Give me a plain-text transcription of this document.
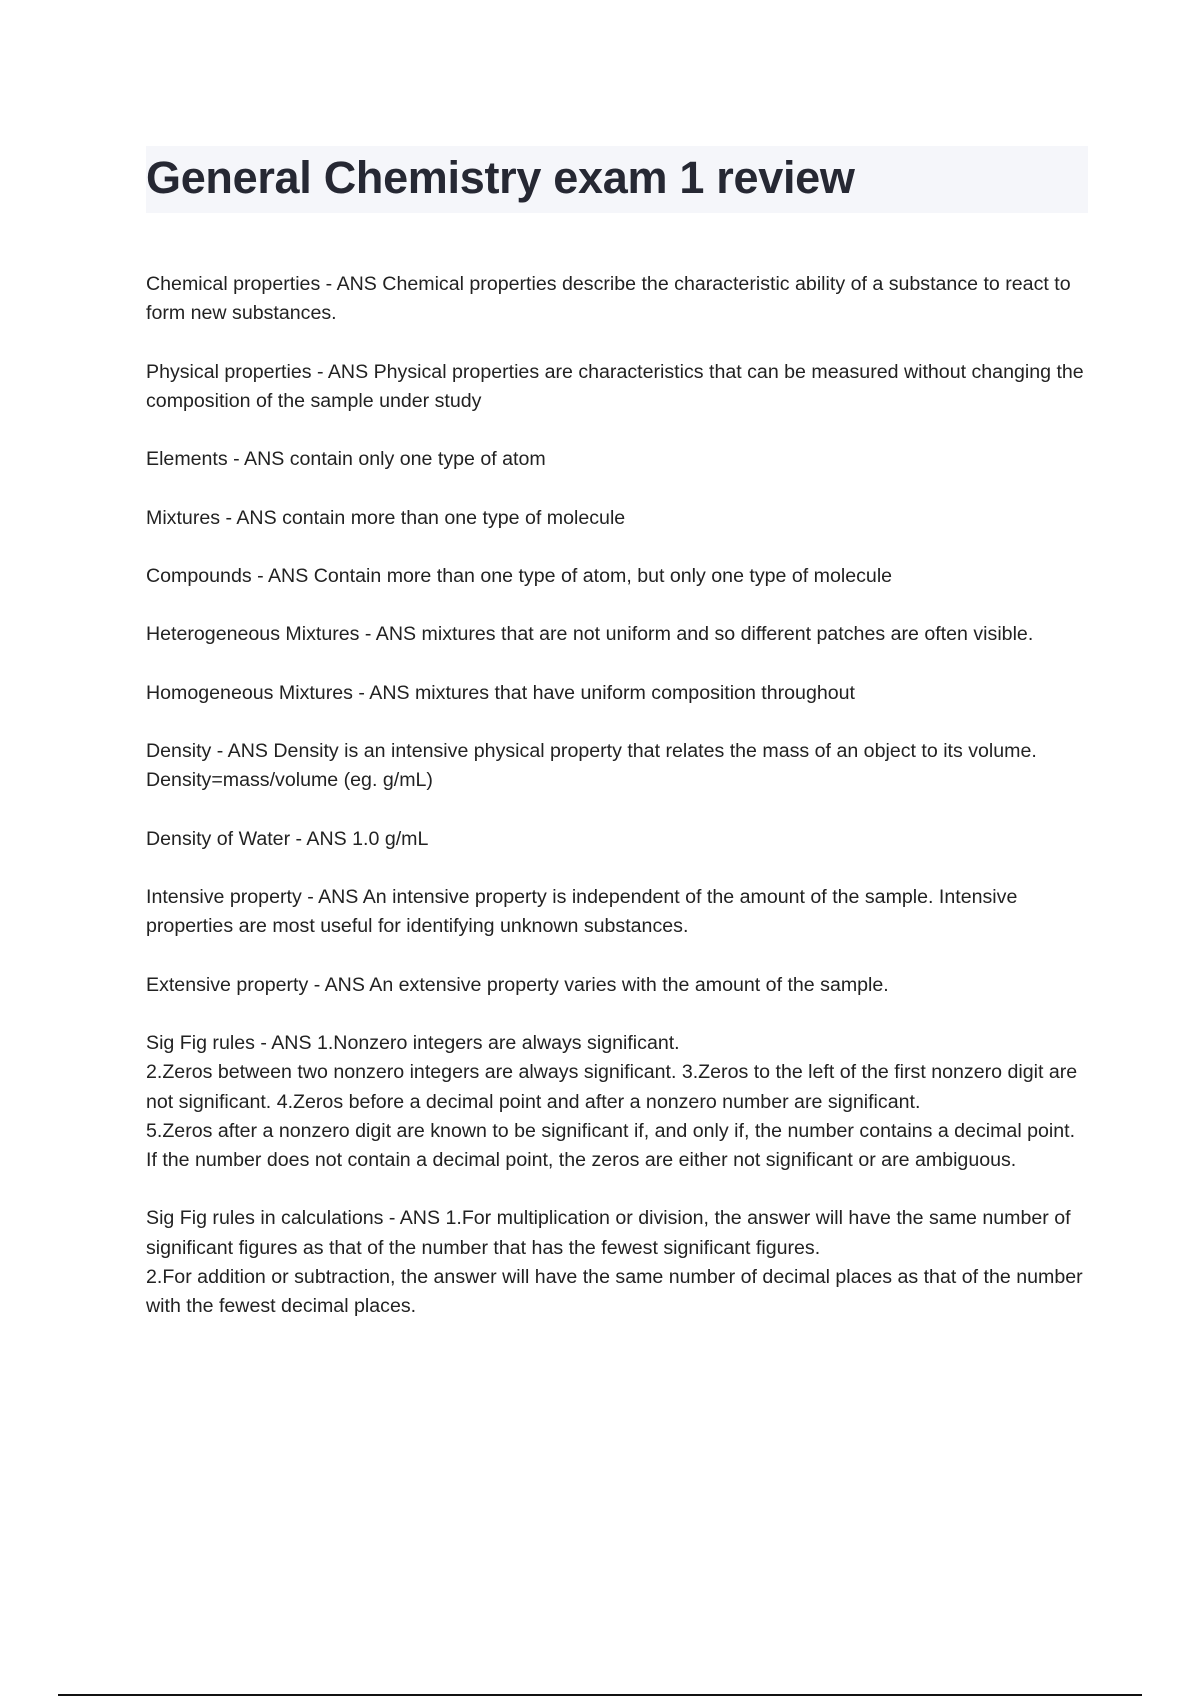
General Chemistry exam 1 review

Chemical properties - ANS Chemical properties describe the characteristic ability of a substance to react to form new substances.

Physical properties - ANS Physical properties are characteristics that can be measured without changing the composition of the sample under study

Elements - ANS contain only one type of atom

Mixtures - ANS contain more than one type of molecule

Compounds - ANS Contain more than one type of atom, but only one type of molecule

Heterogeneous Mixtures - ANS mixtures that are not uniform and so different patches are often visible.

Homogeneous Mixtures - ANS mixtures that have uniform composition throughout

Density - ANS Density is an intensive physical property that relates the mass of an object to its volume.
Density=mass/volume (eg. g/mL)

Density of Water - ANS 1.0 g/mL

Intensive property - ANS An intensive property is independent of the amount of the sample. Intensive properties are most useful for identifying unknown substances.

Extensive property - ANS An extensive property varies with the amount of the sample.

Sig Fig rules - ANS 1.Nonzero integers are always significant.
2.Zeros between two nonzero integers are always significant. 3.Zeros to the left of the first nonzero digit are not significant. 4.Zeros before a decimal point and after a nonzero number are significant.
5.Zeros after a nonzero digit are known to be significant if, and only if, the number contains a decimal point. If the number does not contain a decimal point, the zeros are either not significant or are ambiguous.

Sig Fig rules in calculations - ANS 1.For multiplication or division, the answer will have the same number of significant figures as that of the number that has the fewest significant figures.
2.For addition or subtraction, the answer will have the same number of decimal places as that of the number with the fewest decimal places.
